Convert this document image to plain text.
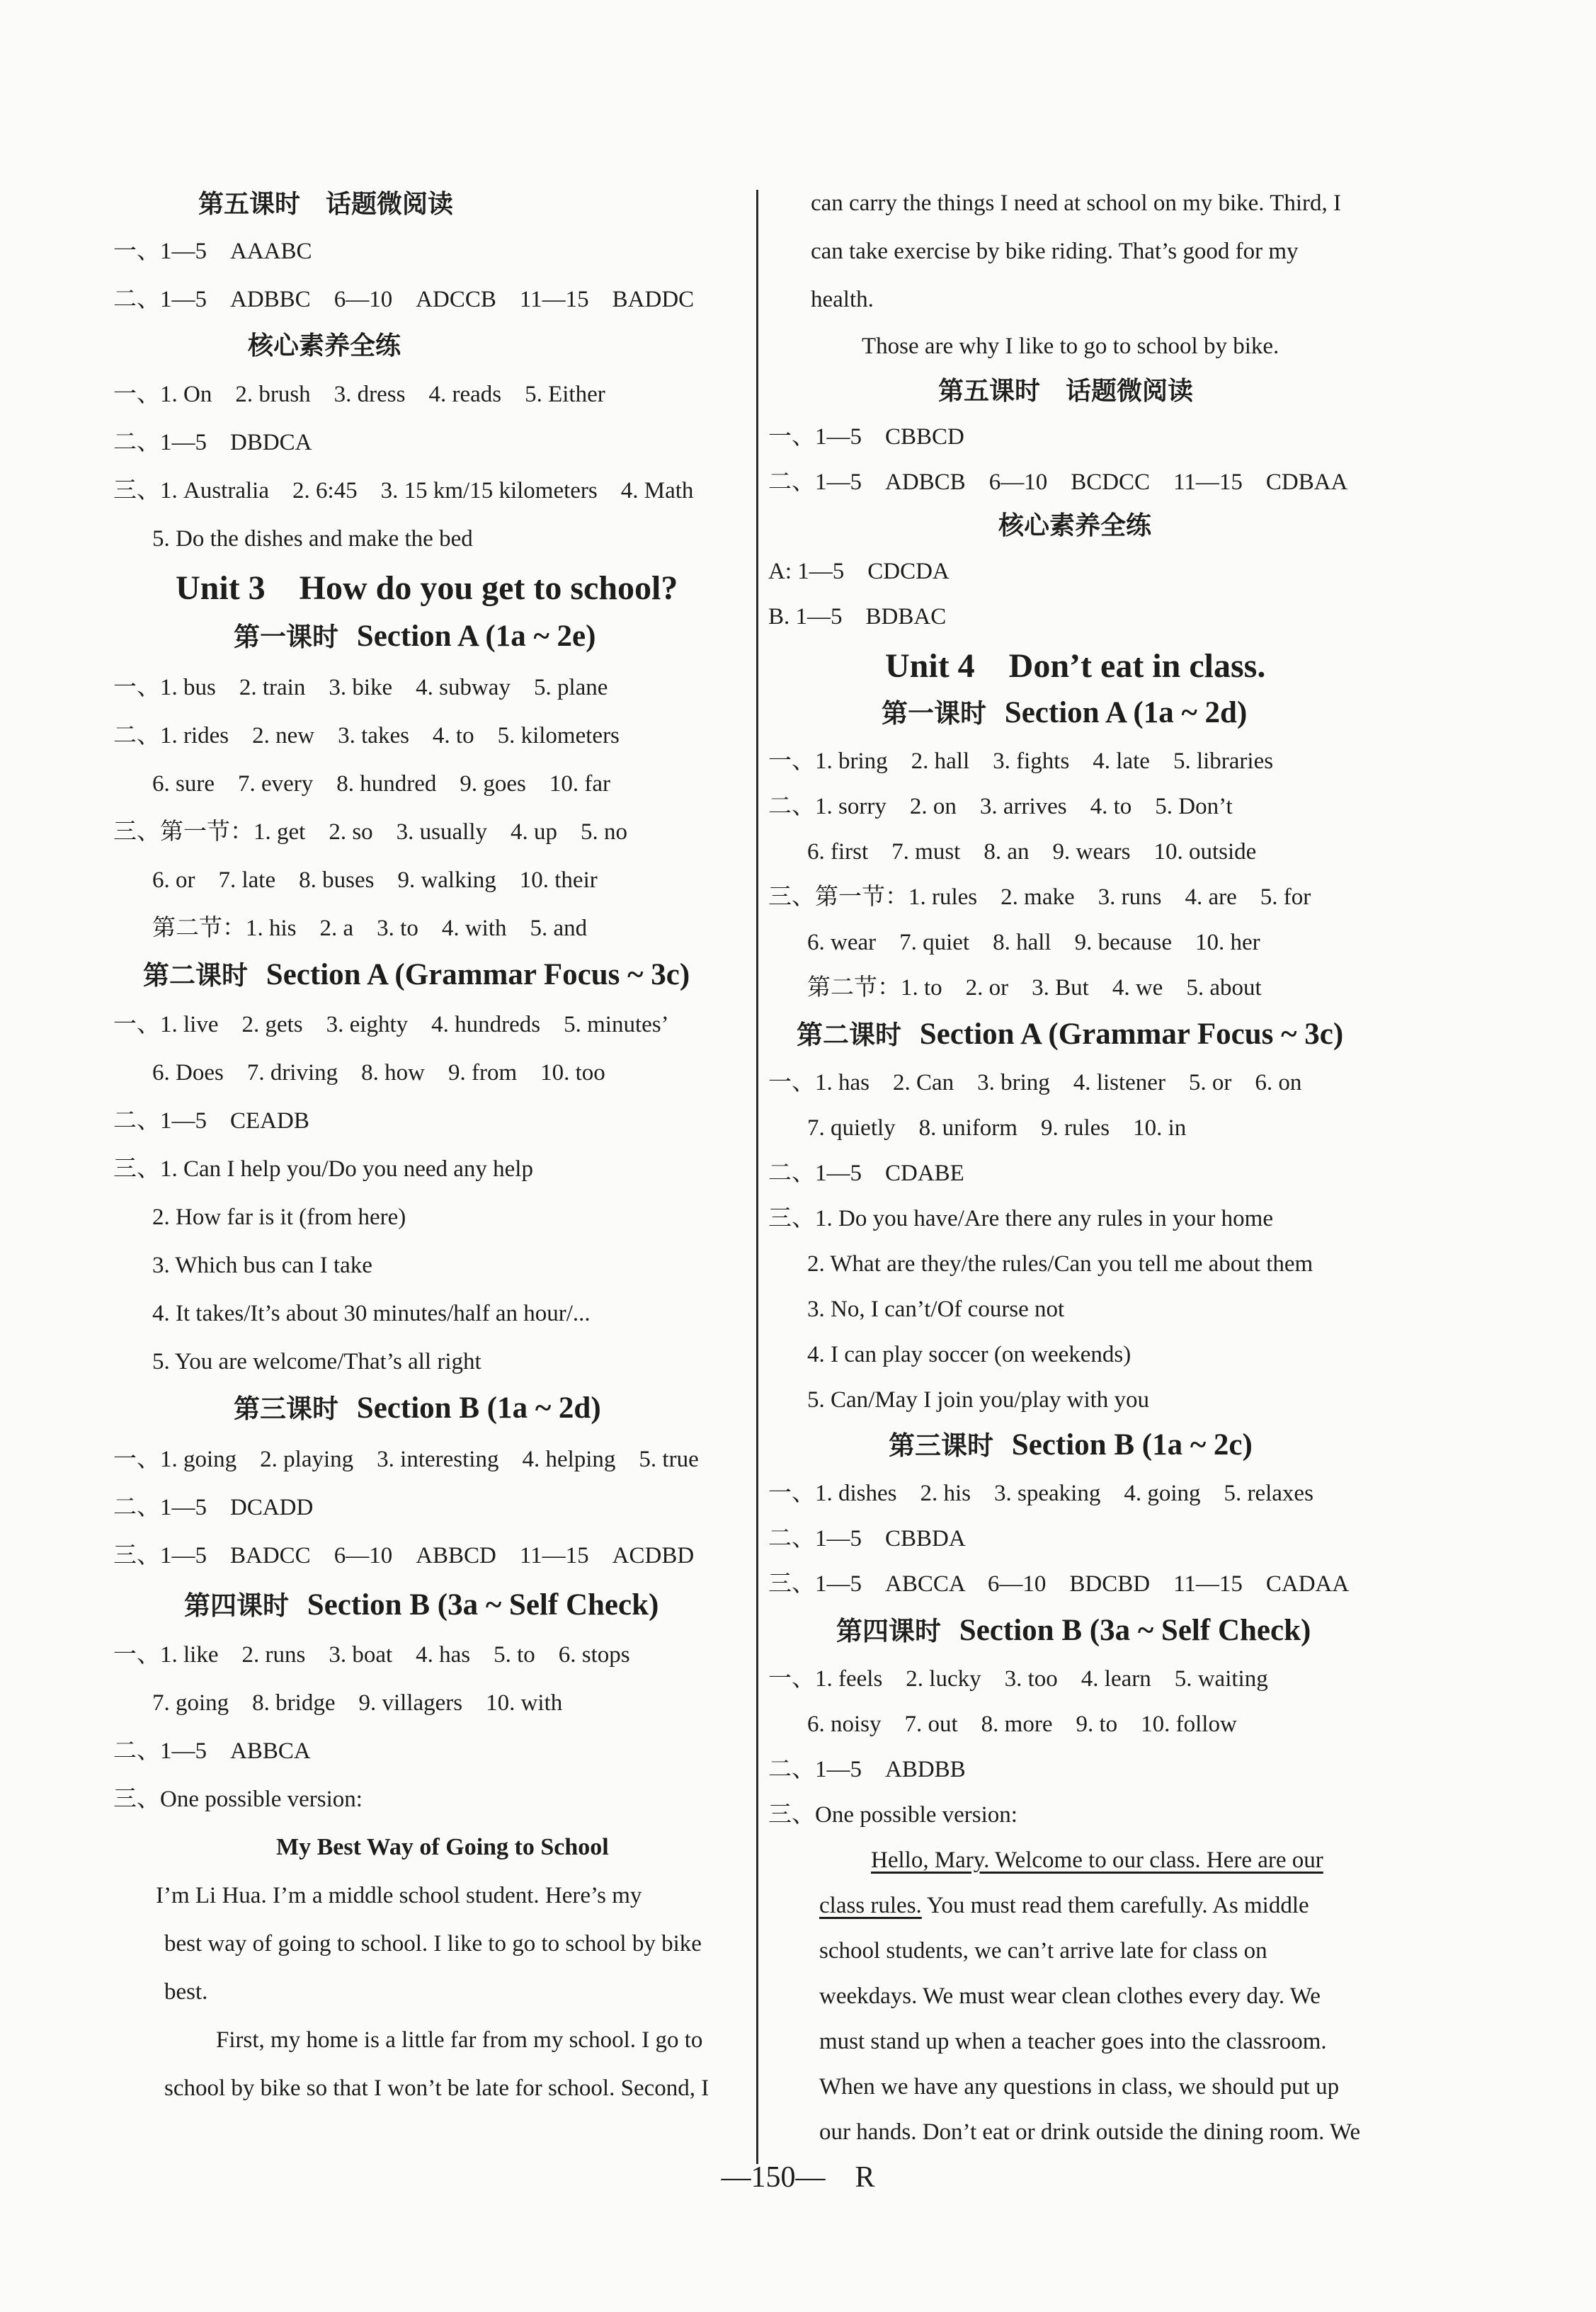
第五课时　话题微阅读
一、1—5　AAABC
二、1—5　ADBBC　6—10　ADCCB　11—15　BADDC
核心素养全练
一、1. On　2. brush　3. dress　4. reads　5. Either
二、1—5　DBDCA
三、1. Australia　2. 6:45　3. 15 km/15 kilometers　4. Math
5. Do the dishes and make the bed
Unit 3　How do you get to school?
第一课时 Section A (1a ~ 2e)
一、1. bus　2. train　3. bike　4. subway　5. plane
二、1. rides　2. new　3. takes　4. to　5. kilometers
6. sure　7. every　8. hundred　9. goes　10. far
三、第一节：1. get　2. so　3. usually　4. up　5. no
6. or　7. late　8. buses　9. walking　10. their
第二节：1. his　2. a　3. to　4. with　5. and
第二课时 Section A (Grammar Focus ~ 3c)
一、1. live　2. gets　3. eighty　4. hundreds　5. minutes’
6. Does　7. driving　8. how　9. from　10. too
二、1—5　CEADB
三、1. Can I help you/Do you need any help
2. How far is it (from here)
3. Which bus can I take
4. It takes/It’s about 30 minutes/half an hour/...
5. You are welcome/That’s all right
第三课时 Section B (1a ~ 2d)
一、1. going　2. playing　3. interesting　4. helping　5. true
二、1—5　DCADD
三、1—5　BADCC　6—10　ABBCD　11—15　ACDBD
第四课时 Section B (3a ~ Self Check)
一、1. like　2. runs　3. boat　4. has　5. to　6. stops
7. going　8. bridge　9. villagers　10. with
二、1—5　ABBCA
三、One possible version:
My Best Way of Going to School
I’m Li Hua. I’m a middle school student. Here’s my
best way of going to school. I like to go to school by bike
best.
First, my home is a little far from my school. I go to
school by bike so that I won’t be late for school. Second, I
can carry the things I need at school on my bike. Third, I
can take exercise by bike riding. That’s good for my
health.
Those are why I like to go to school by bike.
第五课时　话题微阅读
一、1—5　CBBCD
二、1—5　ADBCB　6—10　BCDCC　11—15　CDBAA
核心素养全练
A: 1—5　CDCDA
B. 1—5　BDBAC
Unit 4　Don’t eat in class.
第一课时 Section A (1a ~ 2d)
一、1. bring　2. hall　3. fights　4. late　5. libraries
二、1. sorry　2. on　3. arrives　4. to　5. Don’t
6. first　7. must　8. an　9. wears　10. outside
三、第一节：1. rules　2. make　3. runs　4. are　5. for
6. wear　7. quiet　8. hall　9. because　10. her
第二节：1. to　2. or　3. But　4. we　5. about
第二课时 Section A (Grammar Focus ~ 3c)
一、1. has　2. Can　3. bring　4. listener　5. or　6. on
7. quietly　8. uniform　9. rules　10. in
二、1—5　CDABE
三、1. Do you have/Are there any rules in your home
2. What are they/the rules/Can you tell me about them
3. No, I can’t/Of course not
4. I can play soccer (on weekends)
5. Can/May I join you/play with you
第三课时 Section B (1a ~ 2c)
一、1. dishes　2. his　3. speaking　4. going　5. relaxes
二、1—5　CBBDA
三、1—5　ABCCA　6—10　BDCBD　11—15　CADAA
第四课时 Section B (3a ~ Self Check)
一、1. feels　2. lucky　3. too　4. learn　5. waiting
6. noisy　7. out　8. more　9. to　10. follow
二、1—5　ABDBB
三、One possible version:
Hello, Mary. Welcome to our class. Here are our
class rules. You must read them carefully. As middle
school students, we can’t arrive late for class on
weekdays. We must wear clean clothes every day. We
must stand up when a teacher goes into the classroom.
When we have any questions in class, we should put up
our hands. Don’t eat or drink outside the dining room. We
—150—　R
